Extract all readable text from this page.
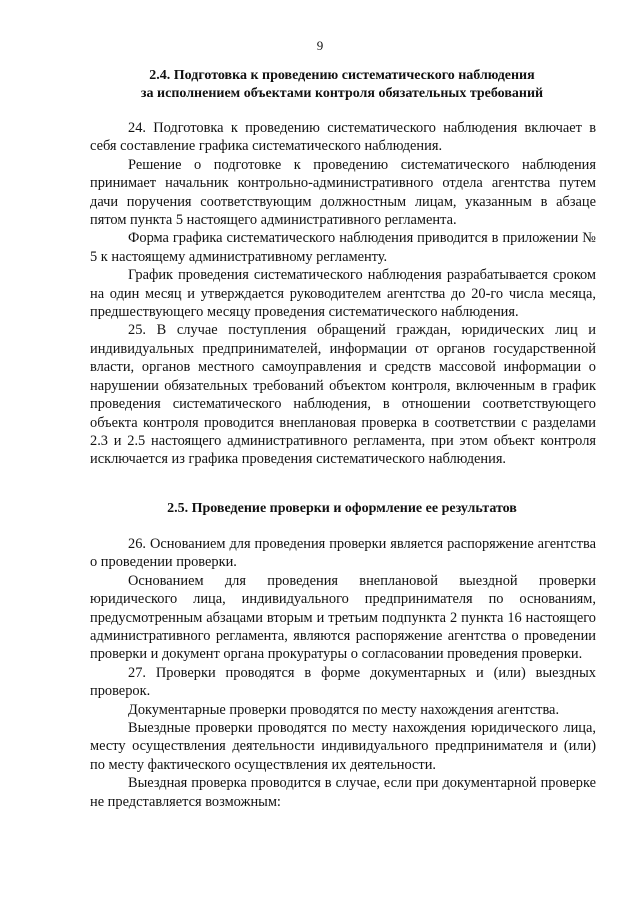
9
2.4. Подготовка к проведению систематического наблюдения
за исполнением объектами контроля обязательных требований

24. Подготовка к проведению систематического наблюдения включает в себя составление графика систематического наблюдения.

Решение о подготовке к проведению систематического наблюдения принимает начальник контрольно-административного отдела агентства путем дачи поручения соответствующим должностным лицам, указанным в абзаце пятом пункта 5 настоящего административного регламента.

Форма графика систематического наблюдения приводится в приложении № 5 к настоящему административному регламенту.

График проведения систематического наблюдения разрабатывается сроком на один месяц и утверждается руководителем агентства до 20-го числа месяца, предшествующего месяцу проведения систематического наблюдения.

25. В случае поступления обращений граждан, юридических лиц и индивидуальных предпринимателей, информации от органов государственной власти, органов местного самоуправления и средств массовой информации о нарушении обязательных требований объектом контроля, включенным в график проведения систематического наблюдения, в отношении соответствующего объекта контроля проводится внеплановая проверка в соответствии с разделами 2.3 и 2.5 настоящего административного регламента, при этом объект контроля исключается из графика проведения систематического наблюдения.

2.5. Проведение проверки и оформление ее результатов

26. Основанием для проведения проверки является распоряжение агентства о проведении проверки.

Основанием для проведения внеплановой выездной проверки юридического лица, индивидуального предпринимателя по основаниям, предусмотренным абзацами вторым и третьим подпункта 2 пункта 16 настоящего административного регламента, являются распоряжение агентства о проведении проверки и документ органа прокуратуры о согласовании проведения проверки.

27. Проверки проводятся в форме документарных и (или) выездных проверок.

Документарные проверки проводятся по месту нахождения агентства.

Выездные проверки проводятся по месту нахождения юридического лица, месту осуществления деятельности индивидуального предпринимателя и (или) по месту фактического осуществления их деятельности.

Выездная проверка проводится в случае, если при документарной проверке не представляется возможным:
